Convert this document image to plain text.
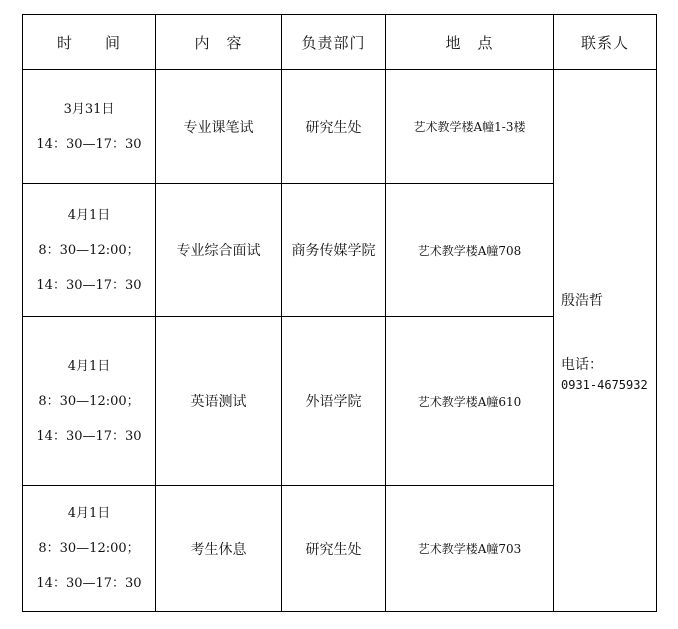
时　　间	内　容	负责部门	地　点	联系人

3月31日
14：30—17：30	专业课笔试	研究生处	艺术教学楼A幢1-3楼	殷浩哲
电话：
0931-4675932

4月1日
8：30—12:00；
14：30—17：30	专业综合面试	商务传媒学院	艺术教学楼A幢708	

4月1日
8：30—12:00；
14：30—17：30	英语测试	外语学院	艺术教学楼A幢610	

4月1日
8：30—12:00；
14：30—17：30	考生休息	研究生处	艺术教学楼A幢703	
